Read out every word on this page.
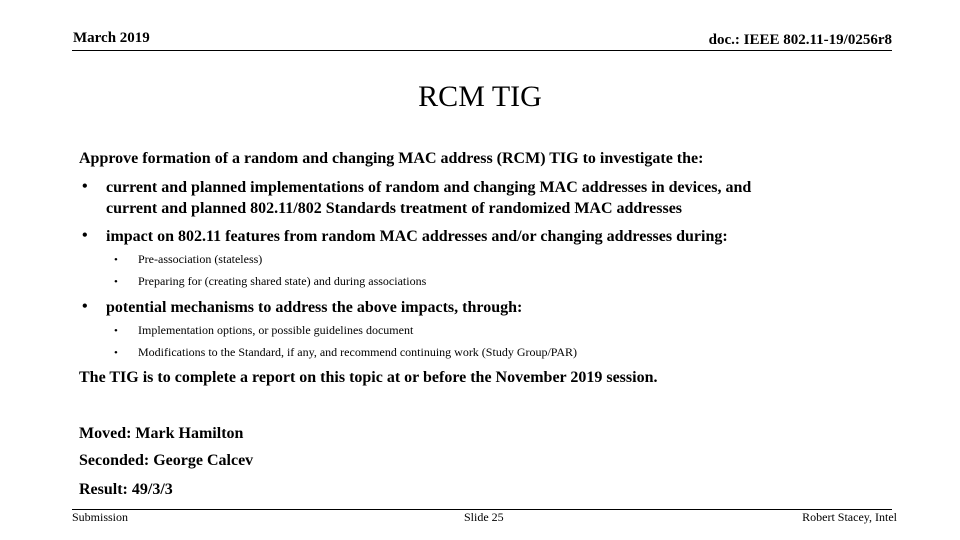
March 2019	doc.: IEEE 802.11-19/0256r8
RCM TIG
Approve formation of a random and changing MAC address (RCM) TIG to investigate the:
• current and planned implementations of random and changing MAC addresses in devices, and
current and planned 802.11/802 Standards treatment of randomized MAC addresses
• impact on 802.11 features from random MAC addresses and/or changing addresses during:
• Pre-association (stateless)
• Preparing for (creating shared state) and during associations
• potential mechanisms to address the above impacts, through:
• Implementation options, or possible guidelines document
• Modifications to the Standard, if any, and recommend continuing work (Study Group/PAR)
The TIG is to complete a report on this topic at or before the November 2019 session.
Moved: Mark Hamilton
Seconded: George Calcev
Result: 49/3/3
Submission	Slide 25	Robert Stacey, Intel
